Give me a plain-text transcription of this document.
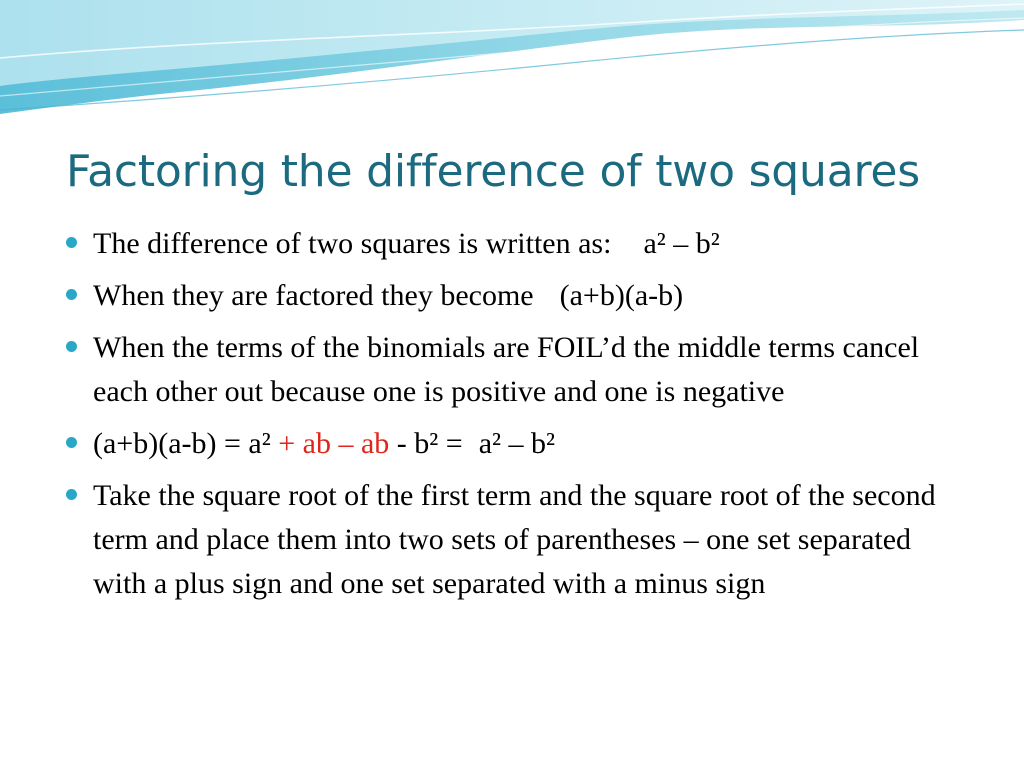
Factoring the difference of two squares
The difference of two squares is written as: a² – b²
When they are factored they become (a+b)(a-b)
When the terms of the binomials are FOIL’d the middle terms cancel each other out because one is positive and one is negative
(a+b)(a-b) = a² + ab – ab - b² = a² – b²
Take the square root of the first term and the square root of the second term and place them into two sets of parentheses – one set separated with a plus sign and one set separated with a minus sign
